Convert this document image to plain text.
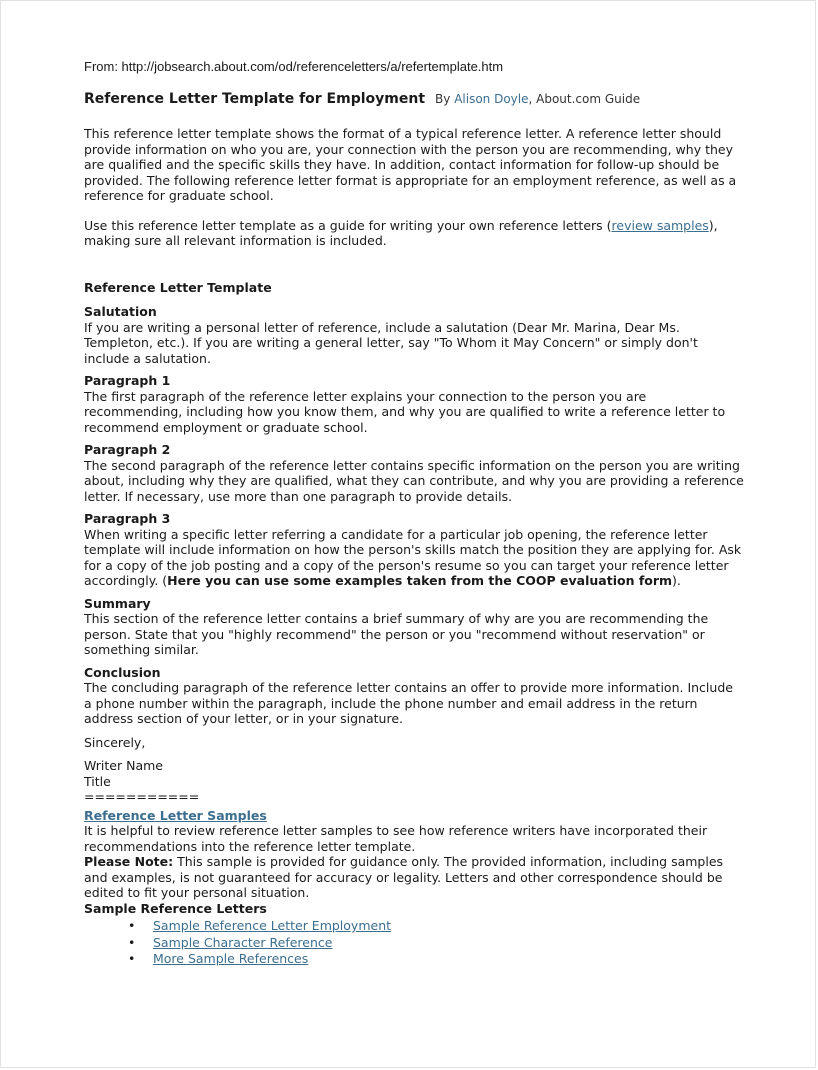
From: http://jobsearch.about.com/od/referenceletters/a/refertemplate.htm

Reference Letter Template for Employment By Alison Doyle, About.com Guide

This reference letter template shows the format of a typical reference letter. A reference letter should provide information on who you are, your connection with the person you are recommending, why they are qualified and the specific skills they have. In addition, contact information for follow-up should be provided. The following reference letter format is appropriate for an employment reference, as well as a reference for graduate school.

Use this reference letter template as a guide for writing your own reference letters (review samples), making sure all relevant information is included.

Reference Letter Template

Salutation

If you are writing a personal letter of reference, include a salutation (Dear Mr. Marina, Dear Ms. Templeton, etc.). If you are writing a general letter, say "To Whom it May Concern" or simply don't include a salutation.

Paragraph 1

The first paragraph of the reference letter explains your connection to the person you are recommending, including how you know them, and why you are qualified to write a reference letter to recommend employment or graduate school.

Paragraph 2

The second paragraph of the reference letter contains specific information on the person you are writing about, including why they are qualified, what they can contribute, and why you are providing a reference letter. If necessary, use more than one paragraph to provide details.

Paragraph 3

When writing a specific letter referring a candidate for a particular job opening, the reference letter template will include information on how the person's skills match the position they are applying for. Ask for a copy of the job posting and a copy of the person's resume so you can target your reference letter accordingly. (Here you can use some examples taken from the COOP evaluation form).

Summary

This section of the reference letter contains a brief summary of why are you are recommending the person. State that you "highly recommend" the person or you "recommend without reservation" or something similar.

Conclusion

The concluding paragraph of the reference letter contains an offer to provide more information. Include a phone number within the paragraph, include the phone number and email address in the return address section of your letter, or in your signature.

Sincerely,

Writer Name

Title

===========

Reference Letter Samples

It is helpful to review reference letter samples to see how reference writers have incorporated their recommendations into the reference letter template.

Please Note: This sample is provided for guidance only. The provided information, including samples and examples, is not guaranteed for accuracy or legality. Letters and other correspondence should be edited to fit your personal situation.

Sample Reference Letters

• Sample Reference Letter Employment
• Sample Character Reference
• More Sample References
